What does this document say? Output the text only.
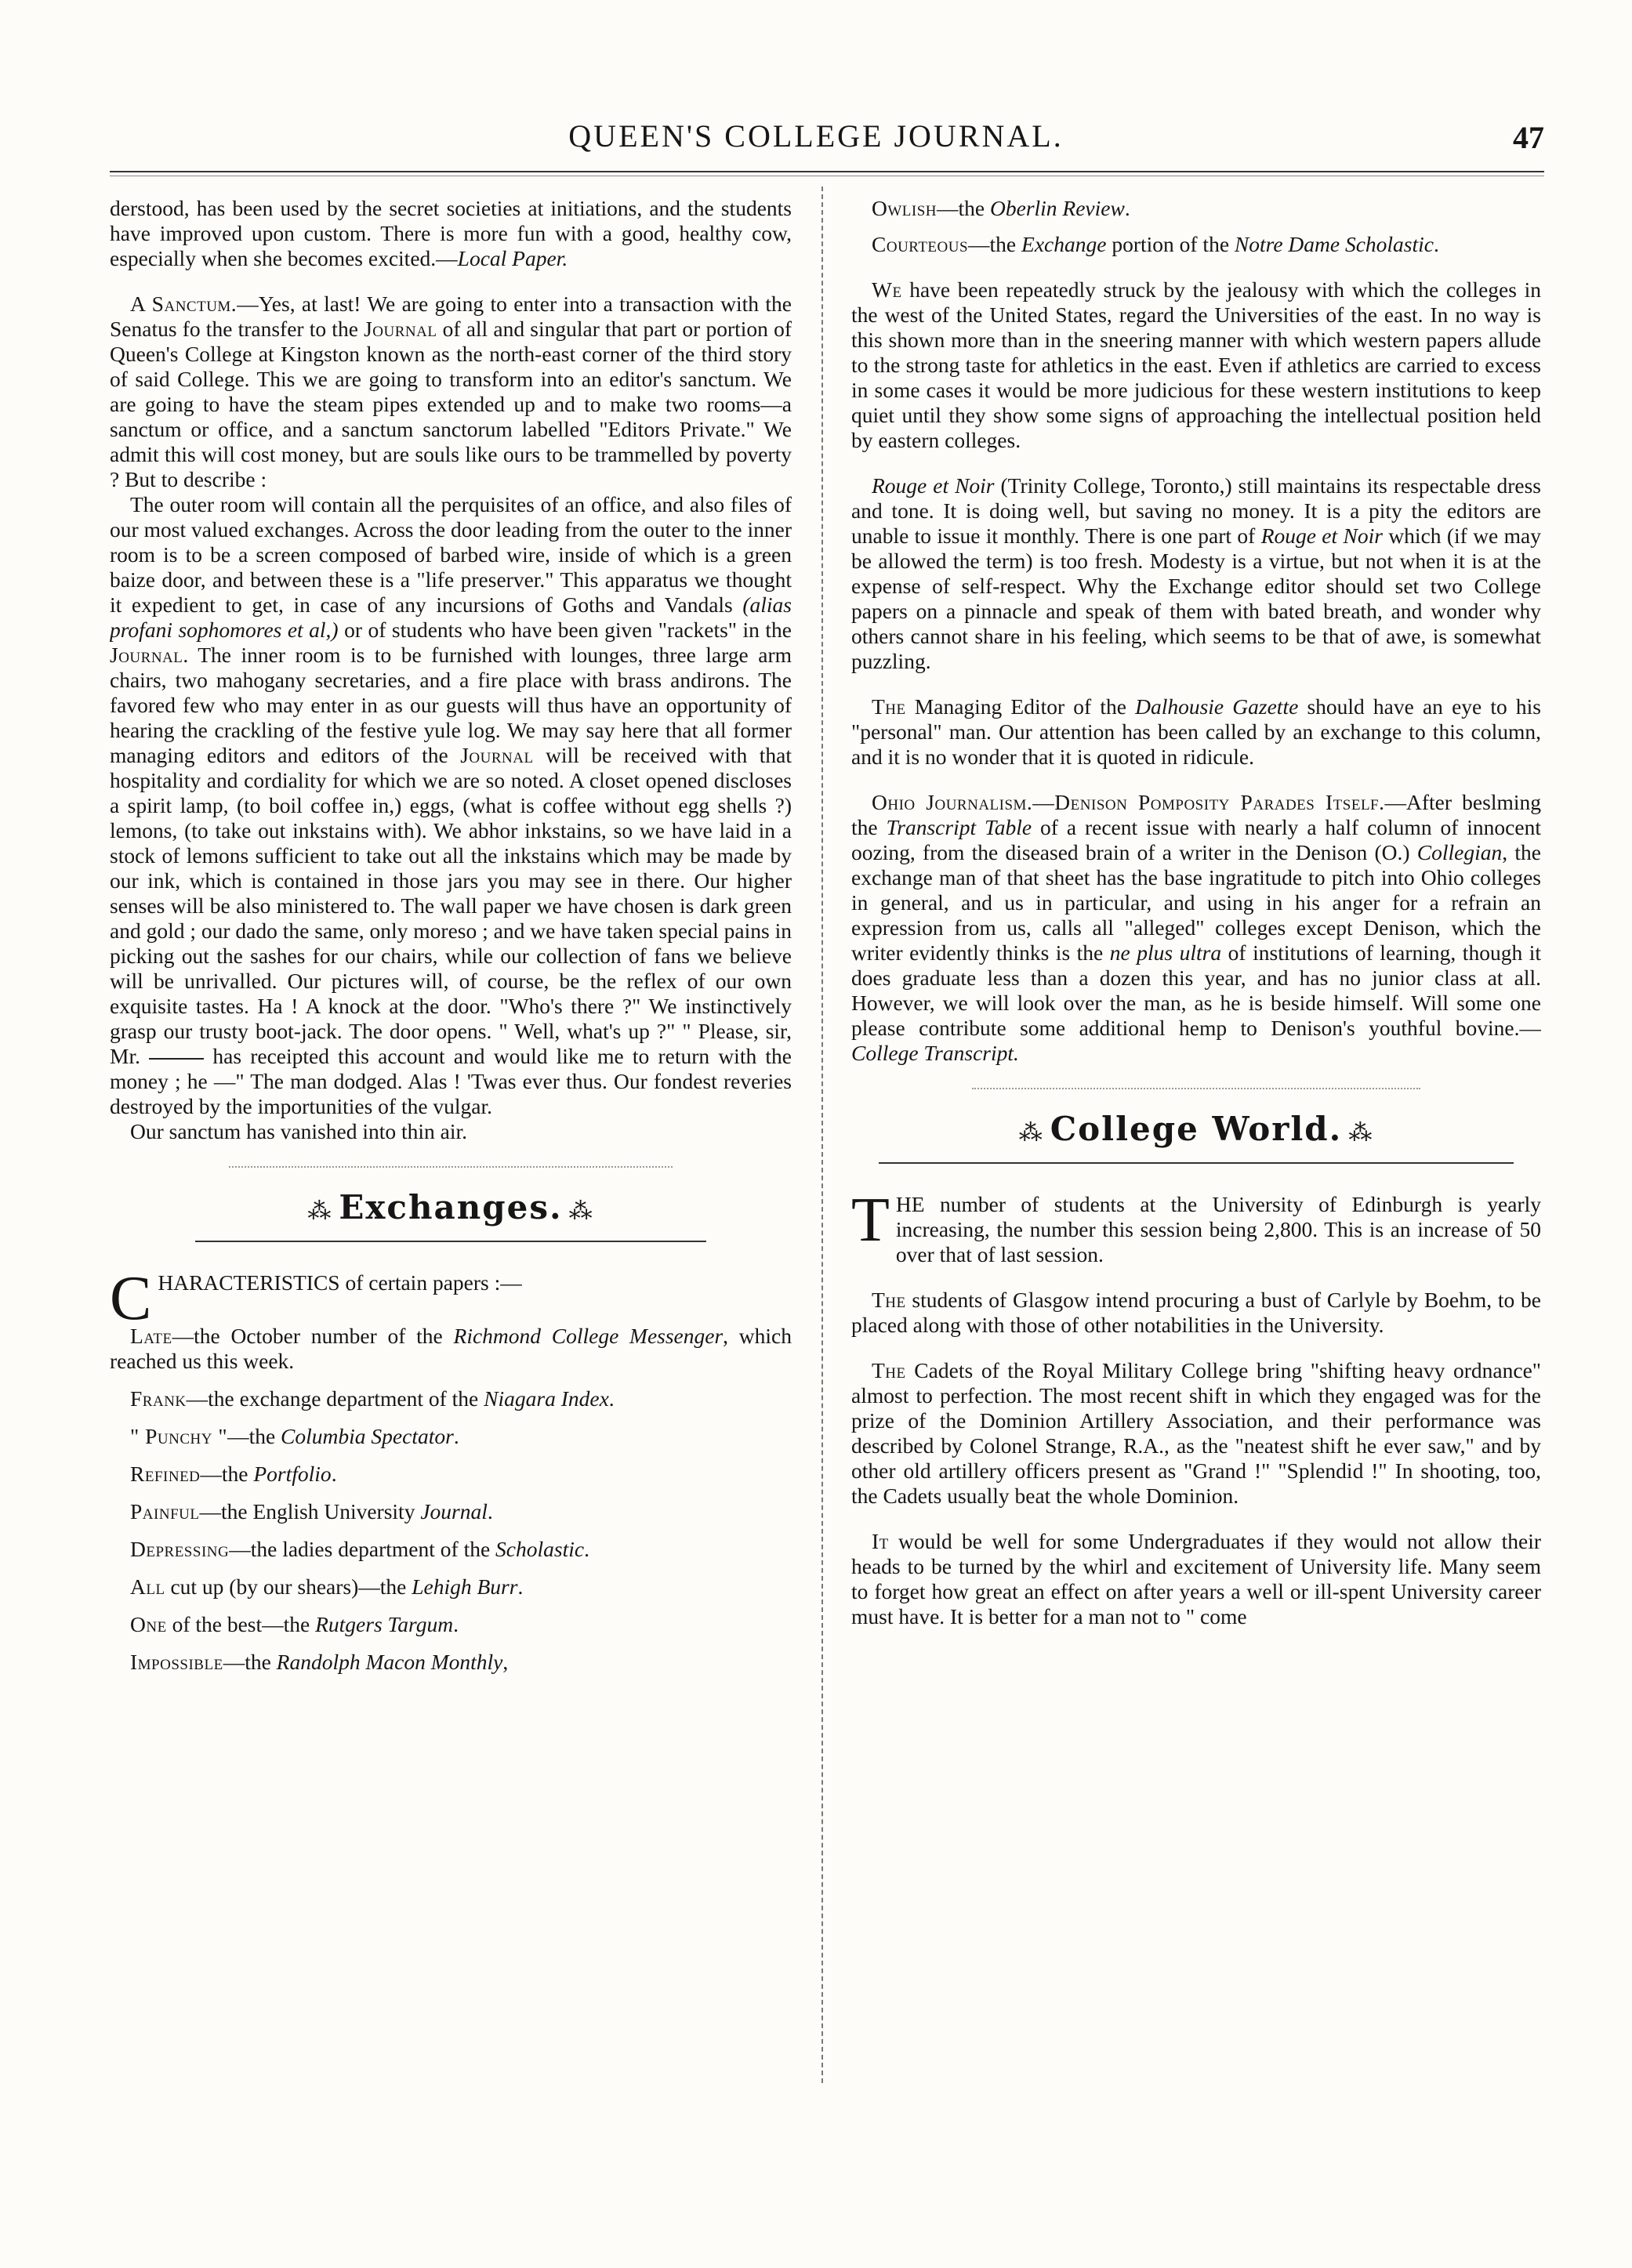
QUEEN'S COLLEGE JOURNAL.	47

derstood, has been used by the secret societies at initiations, and the students have improved upon custom. There is more fun with a good, healthy cow, especially when she becomes excited.—Local Paper.

A Sanctum.—Yes, at last! We are going to enter into a transaction with the Senatus fo the transfer to the Journal of all and singular that part or portion of Queen's College at Kingston known as the north-east corner of the third story of said College. This we are going to transform into an editor's sanctum. We are going to have the steam pipes extended up and to make two rooms—a sanctum or office, and a sanctum sanctorum labelled "Editors Private." We admit this will cost money, but are souls like ours to be trammelled by poverty ? But to describe :

The outer room will contain all the perquisites of an office, and also files of our most valued exchanges. Across the door leading from the outer to the inner room is to be a screen composed of barbed wire, inside of which is a green baize door, and between these is a "life preserver." This apparatus we thought it expedient to get, in case of any incursions of Goths and Vandals (alias profani sophomores et al,) or of students who have been given "rackets" in the Journal. The inner room is to be furnished with lounges, three large arm chairs, two mahogany secretaries, and a fire place with brass andirons. The favored few who may enter in as our guests will thus have an opportunity of hearing the crackling of the festive yule log. We may say here that all former managing editors and editors of the Journal will be received with that hospitality and cordiality for which we are so noted. A closet opened discloses a spirit lamp, (to boil coffee in,) eggs, (what is coffee without egg shells ?) lemons, (to take out inkstains with). We abhor inkstains, so we have laid in a stock of lemons sufficient to take out all the inkstains which may be made by our ink, which is contained in those jars you may see in there. Our higher senses will be also ministered to. The wall paper we have chosen is dark green and gold ; our dado the same, only moreso ; and we have taken special pains in picking out the sashes for our chairs, while our collection of fans we believe will be unrivalled. Our pictures will, of course, be the reflex of our own exquisite tastes. Ha ! A knock at the door. "Who's there ?" We instinctively grasp our trusty boot-jack. The door opens. " Well, what's up ?" " Please, sir, Mr.	has receipted this account and would like me to return with the money ; he —" The man dodged. Alas ! 'Twas ever thus. Our fondest reveries destroyed by the importunities of the vulgar.

Our sanctum has vanished into thin air.

⁂ Exchanges. ⁂

CHARACTERISTICS of certain papers :—

Late—the October number of the Richmond College Messenger, which reached us this week.

Frank—the exchange department of the Niagara Index.

" Punchy "—the Columbia Spectator.

Refined—the Portfolio.

Painful—the English University Journal.

Depressing—the ladies department of the Scholastic.

All cut up (by our shears)—the Lehigh Burr.

One of the best—the Rutgers Targum.

Impossible—the Randolph Macon Monthly,

Owlish—the Oberlin Review.

Courteous—the Exchange portion of the Notre Dame Scholastic.

We have been repeatedly struck by the jealousy with which the colleges in the west of the United States, regard the Universities of the east. In no way is this shown more than in the sneering manner with which western papers allude to the strong taste for athletics in the east. Even if athletics are carried to excess in some cases it would be more judicious for these western institutions to keep quiet until they show some signs of approaching the intellectual position held by eastern colleges.

Rouge et Noir (Trinity College, Toronto,) still maintains its respectable dress and tone. It is doing well, but saving no money. It is a pity the editors are unable to issue it monthly. There is one part of Rouge et Noir which (if we may be allowed the term) is too fresh. Modesty is a virtue, but not when it is at the expense of self-respect. Why the Exchange editor should set two College papers on a pinnacle and speak of them with bated breath, and wonder why others cannot share in his feeling, which seems to be that of awe, is somewhat puzzling.

The Managing Editor of the Dalhousie Gazette should have an eye to his "personal" man. Our attention has been called by an exchange to this column, and it is no wonder that it is quoted in ridicule.

Ohio Journalism.—Denison Pomposity Parades Itself.—After beslming the Transcript Table of a recent issue with nearly a half column of innocent oozing, from the diseased brain of a writer in the Denison (O.) Collegian, the exchange man of that sheet has the base ingratitude to pitch into Ohio colleges in general, and us in particular, and using in his anger for a refrain an expression from us, calls all "alleged" colleges except Denison, which the writer evidently thinks is the ne plus ultra of institutions of learning, though it does graduate less than a dozen this year, and has no junior class at all. However, we will look over the man, as he is beside himself. Will some one please contribute some additional hemp to Denison's youthful bovine.—College Transcript.

⁂ College World. ⁂

THE number of students at the University of Edinburgh is yearly increasing, the number this session being 2,800. This is an increase of 50 over that of last session.

The students of Glasgow intend procuring a bust of Carlyle by Boehm, to be placed along with those of other notabilities in the University.

The Cadets of the Royal Military College bring "shifting heavy ordnance" almost to perfection. The most recent shift in which they engaged was for the prize of the Dominion Artillery Association, and their performance was described by Colonel Strange, R.A., as the "neatest shift he ever saw," and by other old artillery officers present as "Grand !" "Splendid !" In shooting, too, the Cadets usually beat the whole Dominion.

It would be well for some Undergraduates if they would not allow their heads to be turned by the whirl and excitement of University life. Many seem to forget how great an effect on after years a well or ill-spent University career must have. It is better for a man not to " come
